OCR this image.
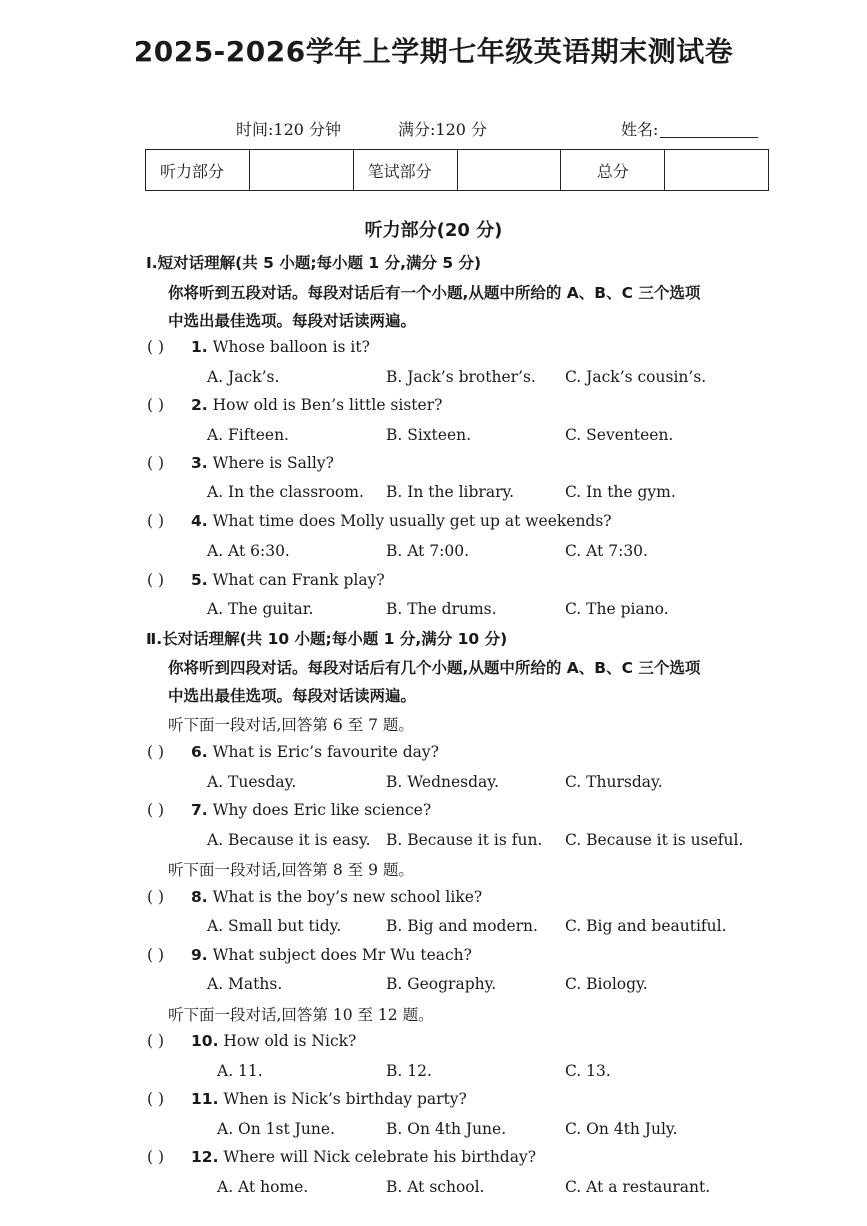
2025-2026学年上学期七年级英语期末测试卷
时间:120 分钟	满分:120 分	姓名:
听力部分		笔试部分		总分	
听力部分(20 分)
Ⅰ.短对话理解(共 5 小题;每小题 1 分,满分 5 分)
你将听到五段对话。每段对话后有一个小题,从题中所给的 A、B、C 三个选项
中选出最佳选项。每段对话读两遍。
Ⅱ.长对话理解(共 10 小题;每小题 1 分,满分 10 分)
你将听到四段对话。每段对话后有几个小题,从题中所给的 A、B、C 三个选项
中选出最佳选项。每段对话读两遍。
听下面一段对话,回答第 6 至 7 题。
听下面一段对话,回答第 8 至 9 题。
听下面一段对话,回答第 10 至 12 题。
( ) 1. Whose balloon is it?
A. Jack’s.	B. Jack’s brother’s. C. Jack’s cousin’s.
( ) 2. How old is Ben’s little sister?
A. Fifteen.	B. Sixteen.	C. Seventeen.
( ) 3. Where is Sally?
A. In the classroom. B. In the library.	C. In the gym.
( ) 4. What time does Molly usually get up at weekends?
A. At 6:30.	B. At 7:00.	C. At 7:30.
( ) 5. What can Frank play?
A. The guitar.	B. The drums.	C. The piano.
( ) 6. What is Eric’s favourite day?
A. Tuesday.	B. Wednesday.	C. Thursday.
( ) 7. Why does Eric like science?
A. Because it is easy. B. Because it is fun. C. Because it is useful.
( ) 8. What is the boy’s new school like?
A. Small but tidy.	B. Big and modern. C. Big and beautiful.
( ) 9. What subject does Mr Wu teach?
A. Maths.	B. Geography.	C. Biology.
( ) 10. How old is Nick?
A. 11.	B. 12.	C. 13.
( ) 11. When is Nick’s birthday party?
A. On 1st June.	B. On 4th June.	C. On 4th July.
( ) 12. Where will Nick celebrate his birthday?
A. At home.	B. At school.	C. At a restaurant.
